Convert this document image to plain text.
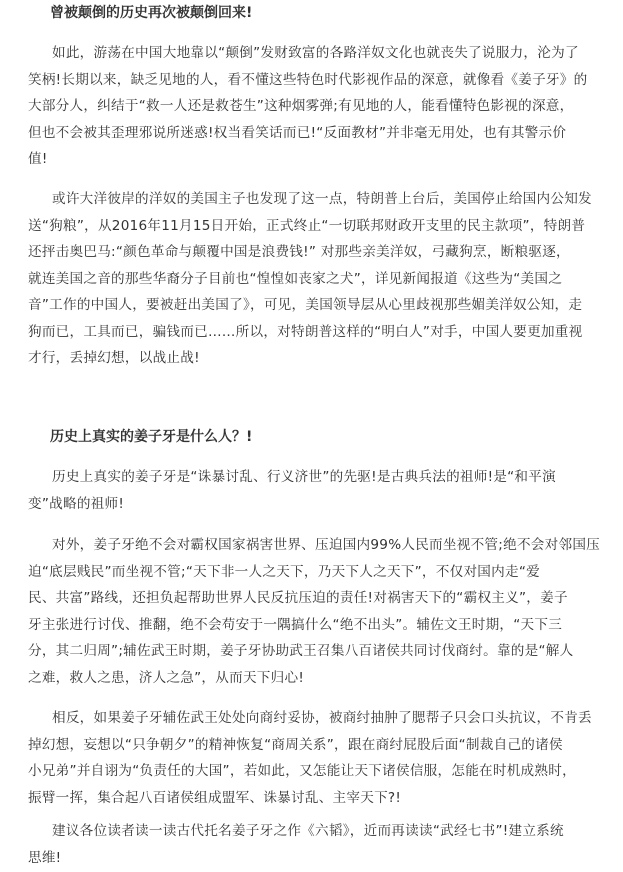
曾被颠倒的历史再次被颠倒回来!

如此，游荡在中国大地靠以“颠倒”发财致富的各路洋奴文化也就丧失了说服力，沦为了
笑柄!长期以来，缺乏见地的人，看不懂这些特色时代影视作品的深意，就像看《姜子牙》的
大部分人，纠结于“救一人还是救苍生”这种烟雾弹;有见地的人，能看懂特色影视的深意，
但也不会被其歪理邪说所迷惑!权当看笑话而已!“反面教材”并非毫无用处，也有其警示价
值!

或许大洋彼岸的洋奴的美国主子也发现了这一点，特朗普上台后，美国停止给国内公知发
送“狗粮”，从2016年11月15日开始，正式终止“一切联邦财政开支里的民主款项”，特朗普
还抨击奥巴马:“颜色革命与颠覆中国是浪费钱!” 对那些亲美洋奴，弓藏狗烹，断粮驱逐，
就连美国之音的那些华裔分子目前也“惶惶如丧家之犬”，详见新闻报道《这些为“美国之
音”工作的中国人，要被赶出美国了》，可见，美国领导层从心里歧视那些媚美洋奴公知，走
狗而已，工具而已，骗钱而已……所以，对特朗普这样的“明白人”对手，中国人要更加重视
才行，丢掉幻想，以战止战!

历史上真实的姜子牙是什么人？!

历史上真实的姜子牙是“诛暴讨乱、行义济世”的先驱!是古典兵法的祖师!是“和平演
变”战略的祖师!

对外，姜子牙绝不会对霸权国家祸害世界、压迫国内99%人民而坐视不管;绝不会对邻国压
迫“底层贱民”而坐视不管;“天下非一人之天下，乃天下人之天下”，不仅对国内走“爱
民、共富”路线，还担负起帮助世界人民反抗压迫的责任!对祸害天下的“霸权主义”，姜子
牙主张进行讨伐、推翻，绝不会苟安于一隅搞什么“绝不出头”。辅佐文王时期，“天下三
分，其二归周”;辅佐武王时期，姜子牙协助武王召集八百诸侯共同讨伐商纣。靠的是“解人
之难，救人之患，济人之急”，从而天下归心!

相反，如果姜子牙辅佐武王处处向商纣妥协，被商纣抽肿了腮帮子只会口头抗议，不肯丢
掉幻想，妄想以“只争朝夕”的精神恢复“商周关系”，跟在商纣屁股后面“制裁自己的诸侯
小兄弟”并自诩为“负责任的大国”，若如此，又怎能让天下诸侯信服，怎能在时机成熟时，
振臂一挥，集合起八百诸侯组成盟军、诛暴讨乱、主宰天下?!

建议各位读者读一读古代托名姜子牙之作《六韬》，近而再读读“武经七书”!建立系统
思维!
